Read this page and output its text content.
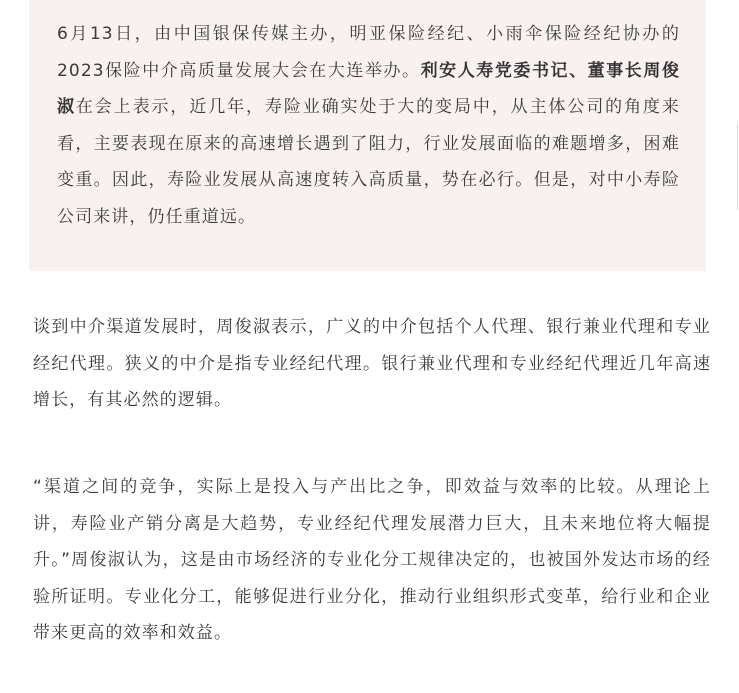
6月13日，由中国银保传媒主办，明亚保险经纪、小雨伞保险经纪协办的2023保险中介高质量发展大会在大连举办。利安人寿党委书记、董事长周俊淑在会上表示，近几年，寿险业确实处于大的变局中，从主体公司的角度来看，主要表现在原来的高速增长遇到了阻力，行业发展面临的难题增多，困难变重。因此，寿险业发展从高速度转入高质量，势在必行。但是，对中小寿险公司来讲，仍任重道远。

谈到中介渠道发展时，周俊淑表示，广义的中介包括个人代理、银行兼业代理和专业经纪代理。狭义的中介是指专业经纪代理。银行兼业代理和专业经纪代理近几年高速增长，有其必然的逻辑。

“渠道之间的竞争，实际上是投入与产出比之争，即效益与效率的比较。从理论上讲，寿险业产销分离是大趋势，专业经纪代理发展潜力巨大，且未来地位将大幅提升。”周俊淑认为，这是由市场经济的专业化分工规律决定的，也被国外发达市场的经验所证明。专业化分工，能够促进行业分化，推动行业组织形式变革，给行业和企业带来更高的效率和效益。
